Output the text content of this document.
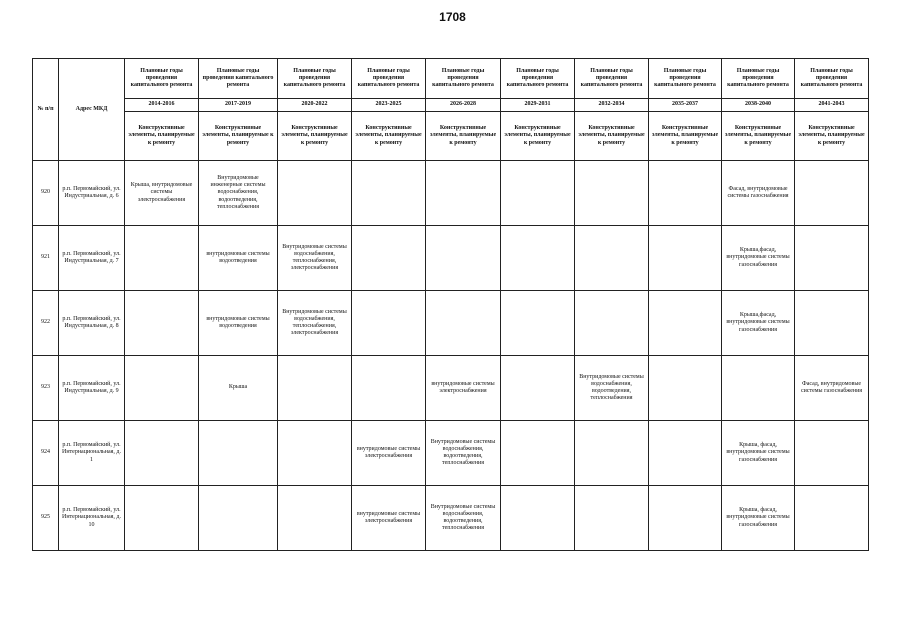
1708
№ п/п	Адрес МКД	Плановые годы проведения капитального ремонта	Плановые годы проведения капитального ремонта	Плановые годы проведения капитального ремонта	Плановые годы проведения капитального ремонта	Плановые годы проведения капитального ремонта	Плановые годы проведения капитального ремонта	Плановые годы проведения капитального ремонта	Плановые годы проведения капитального ремонта	Плановые годы проведения капитального ремонта	Плановые годы проведения капитального ремонта
		2014-2016	2017-2019	2020-2022	2023-2025	2026-2028	2029-2031	2032-2034	2035-2037	2038-2040	2041-2043
		Конструктивные элементы, планируемые к ремонту	Конструктивные элементы, планируемые к ремонту	Конструктивные элементы, планируемые к ремонту	Конструктивные элементы, планируемые к ремонту	Конструктивные элементы, планируемые к ремонту	Конструктивные элементы, планируемые к ремонту	Конструктивные элементы, планируемые к ремонту	Конструктивные элементы, планируемые к ремонту	Конструктивные элементы, планируемые к ремонту	Конструктивные элементы, планируемые к ремонту
920	р.п. Первомайский, ул. Индустриальная, д. 6	Крыша, внутридомовые системы электроснабжения	Внутридомовые инженерные системы водоснабжения, водоотведения, теплоснабжения							Фасад, внутридомовые системы газоснабжения	
921	р.п. Первомайский, ул. Индустриальная, д. 7		внутридомовые системы водоотведения	Внутридомовые системы водоснабжения, теплоснабжения, электроснабжения						Крыша,фасад, внутридомовые системы газоснабжения	
922	р.п. Первомайский, ул. Индустриальная, д. 8		внутридомовые системы водоотведения	Внутридомовые системы водоснабжения, теплоснабжения, электроснабжения						Крыша,фасад, внутридомовые системы газоснабжения	
923	р.п. Первомайский, ул. Индустриальная, д. 9		Крыша			внутридомовые системы электроснабжения		Внутридомовые системы водоснабжения, водоотведения, теплоснабжения			Фасад, внутридомовые системы газоснабжения
924	р.п. Первомайский, ул. Интернациональная, д. 1				внутридомовые системы электроснабжения	Внутридомовые системы водоснабжения, водоотведения, теплоснабжения				Крыша, фасад, внутридомовые системы газоснабжения	
925	р.п. Первомайский, ул. Интернациональная, д. 10				внутридомовые системы электроснабжения	Внутридомовые системы водоснабжения, водоотведения, теплоснабжения				Крыша, фасад, внутридомовые системы газоснабжения	
